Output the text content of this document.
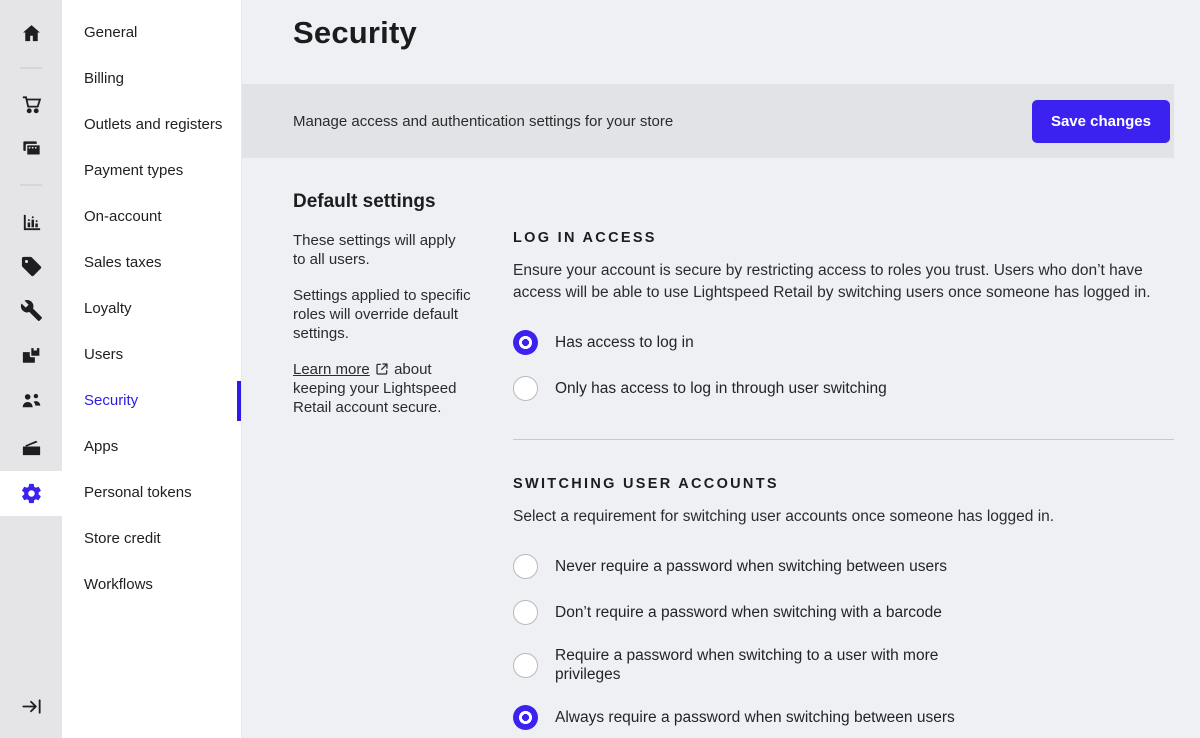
General
Billing
Outlets and registers
Payment types
On-account
Sales taxes
Loyalty
Users
Security
Apps
Personal tokens
Store credit
Workflows
Security
Manage access and authentication settings for your store	Save changes
Default settings

These settings will apply to all users.

Settings applied to specific roles will override default settings.

Learn more about keeping your Lightspeed Retail account secure.

LOG IN ACCESS

Ensure your account is secure by restricting access to roles you trust. Users who don’t have access will be able to use Lightspeed Retail by switching users once someone has logged in.

Has access to log in
Only has access to log in through user switching
SWITCHING USER ACCOUNTS

Select a requirement for switching user accounts once someone has logged in.

Never require a password when switching between users
Don’t require a password when switching with a barcode
Require a password when switching to a user with more privileges
Always require a password when switching between users
